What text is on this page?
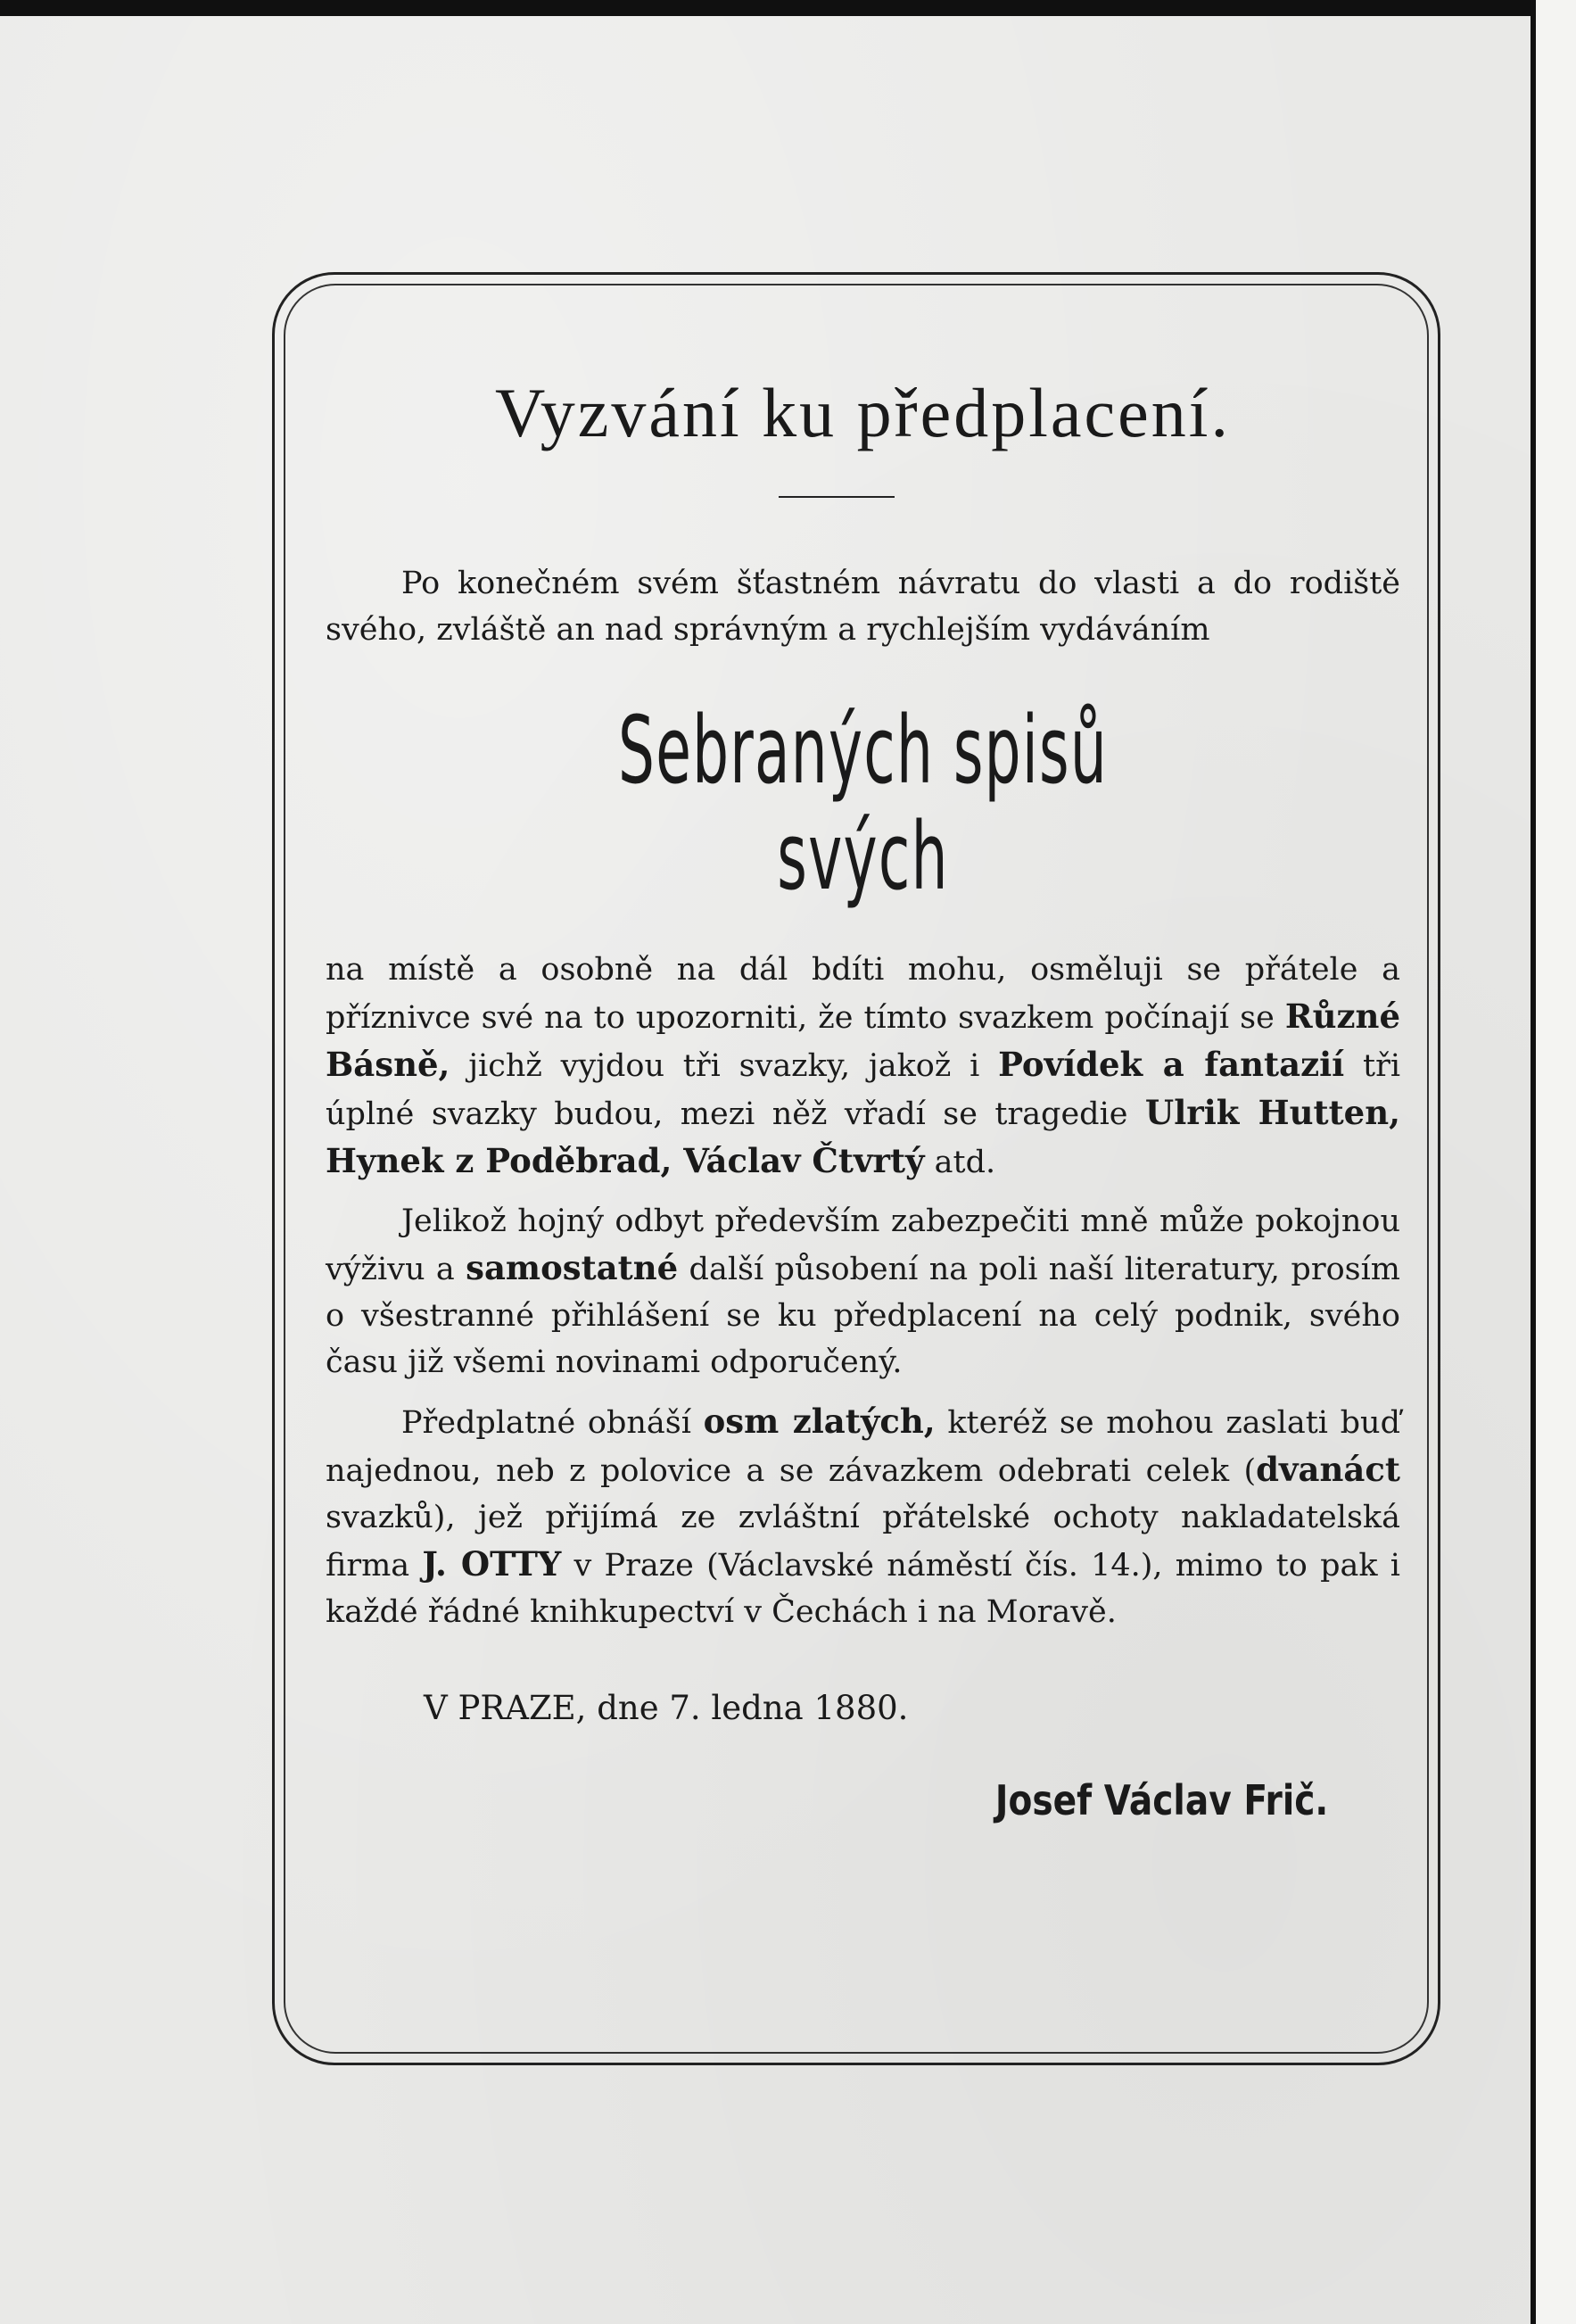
Vyzvání ku předplacení.

Po konečném svém šťastném návratu do vlasti a do rodiště svého, zvláště an nad správným a rychlejším vydáváním

Sebraných spisů svých

na místě a osobně na dál bdíti mohu, osměluji se přátele a příznivce své na to upozorniti, že tímto svazkem počínají se Různé Básně, jichž vyjdou tři svazky, jakož i Povídek a fantazií tři úplné svazky budou, mezi něž vřadí se tragedie Ulrik Hutten, Hynek z Poděbrad, Václav Čtvrtý atd.

Jelikož hojný odbyt především zabezpečiti mně může pokojnou výživu a samostatné další působení na poli naší literatury, prosím o všestranné přihlášení se ku předplacení na celý podnik, svého času již všemi novinami odporučený.

Předplatné obnáší osm zlatých, kteréž se mohou zaslati buď najednou, neb z polovice a se závazkem odebrati celek (dvanáct svazků), jež přijímá ze zvláštní přátelské ochoty nakladatelská firma J. OTTY v Praze (Václavské náměstí čís. 14.), mimo to pak i každé řádné knihkupectví v Čechách i na Moravě.

V PRAZE, dne 7. ledna 1880.
Josef Václav Frič.
